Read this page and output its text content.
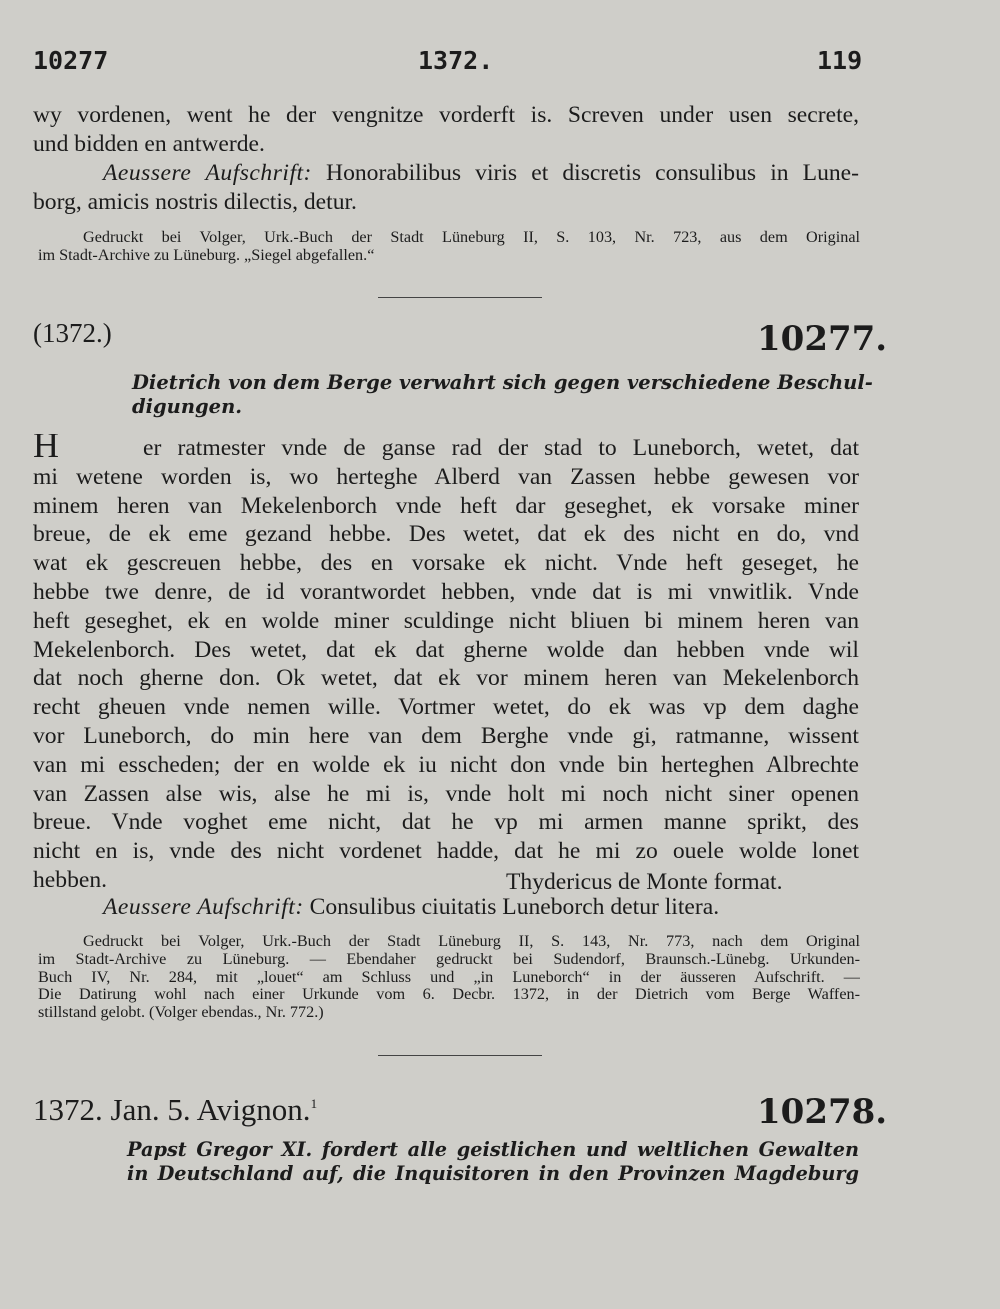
10277	1372.	119
wy vordenen, went he der vengnitze vorderft is. Screven under usen secrete,
und bidden en antwerde.
Aeussere Aufschrift: Honorabilibus viris et discretis consulibus in Lune-
borg, amicis nostris dilectis, detur.
Gedruckt bei Volger, Urk.-Buch der Stadt Lüneburg II, S. 103, Nr. 723, aus dem Original
im Stadt-Archive zu Lüneburg. „Siegel abgefallen.“
(1372.)	10277.
Dietrich von dem Berge verwahrt sich gegen verschiedene Beschul-
digungen.
H	er ratmester vnde de ganse rad der stad to Luneborch, wetet, dat
mi wetene worden is, wo herteghe Alberd van Zassen hebbe gewesen vor
minem heren van Mekelenborch vnde heft dar geseghet, ek vorsake miner
breue, de ek eme gezand hebbe. Des wetet, dat ek des nicht en do, vnd
wat ek gescreuen hebbe, des en vorsake ek nicht. Vnde heft geseget, he
hebbe twe denre, de id vorantwordet hebben, vnde dat is mi vnwitlik. Vnde
heft geseghet, ek en wolde miner sculdinge nicht bliuen bi minem heren van
Mekelenborch. Des wetet, dat ek dat gherne wolde dan hebben vnde wil
dat noch gherne don. Ok wetet, dat ek vor minem heren van Mekelenborch
recht gheuen vnde nemen wille. Vortmer wetet, do ek was vp dem daghe
vor Luneborch, do min here van dem Berghe vnde gi, ratmanne, wissent
van mi esscheden; der en wolde ek iu nicht don vnde bin herteghen Albrechte
van Zassen alse wis, alse he mi is, vnde holt mi noch nicht siner openen
breue. Vnde voghet eme nicht, dat he vp mi armen manne sprikt, des
nicht en is, vnde des nicht vordenet hadde, dat he mi zo ouele wolde lonet
hebben.	Thydericus de Monte format.
Aeussere Aufschrift: Consulibus ciuitatis Luneborch detur litera.
Gedruckt bei Volger, Urk.-Buch der Stadt Lüneburg II, S. 143, Nr. 773, nach dem Original
im Stadt-Archive zu Lüneburg. — Ebendaher gedruckt bei Sudendorf, Braunsch.-Lünebg. Urkunden-
Buch IV, Nr. 284, mit „louet“ am Schluss und „in Luneborch“ in der äusseren Aufschrift. —
Die Datirung wohl nach einer Urkunde vom 6. Decbr. 1372, in der Dietrich vom Berge Waffen-
stillstand gelobt. (Volger ebendas., Nr. 772.)
1372. Jan. 5. Avignon.$^1$	10278.
Papst Gregor XI. fordert alle geistlichen und weltlichen Gewalten
in Deutschland auf, die Inquisitoren in den Provinzen Magdeburg
